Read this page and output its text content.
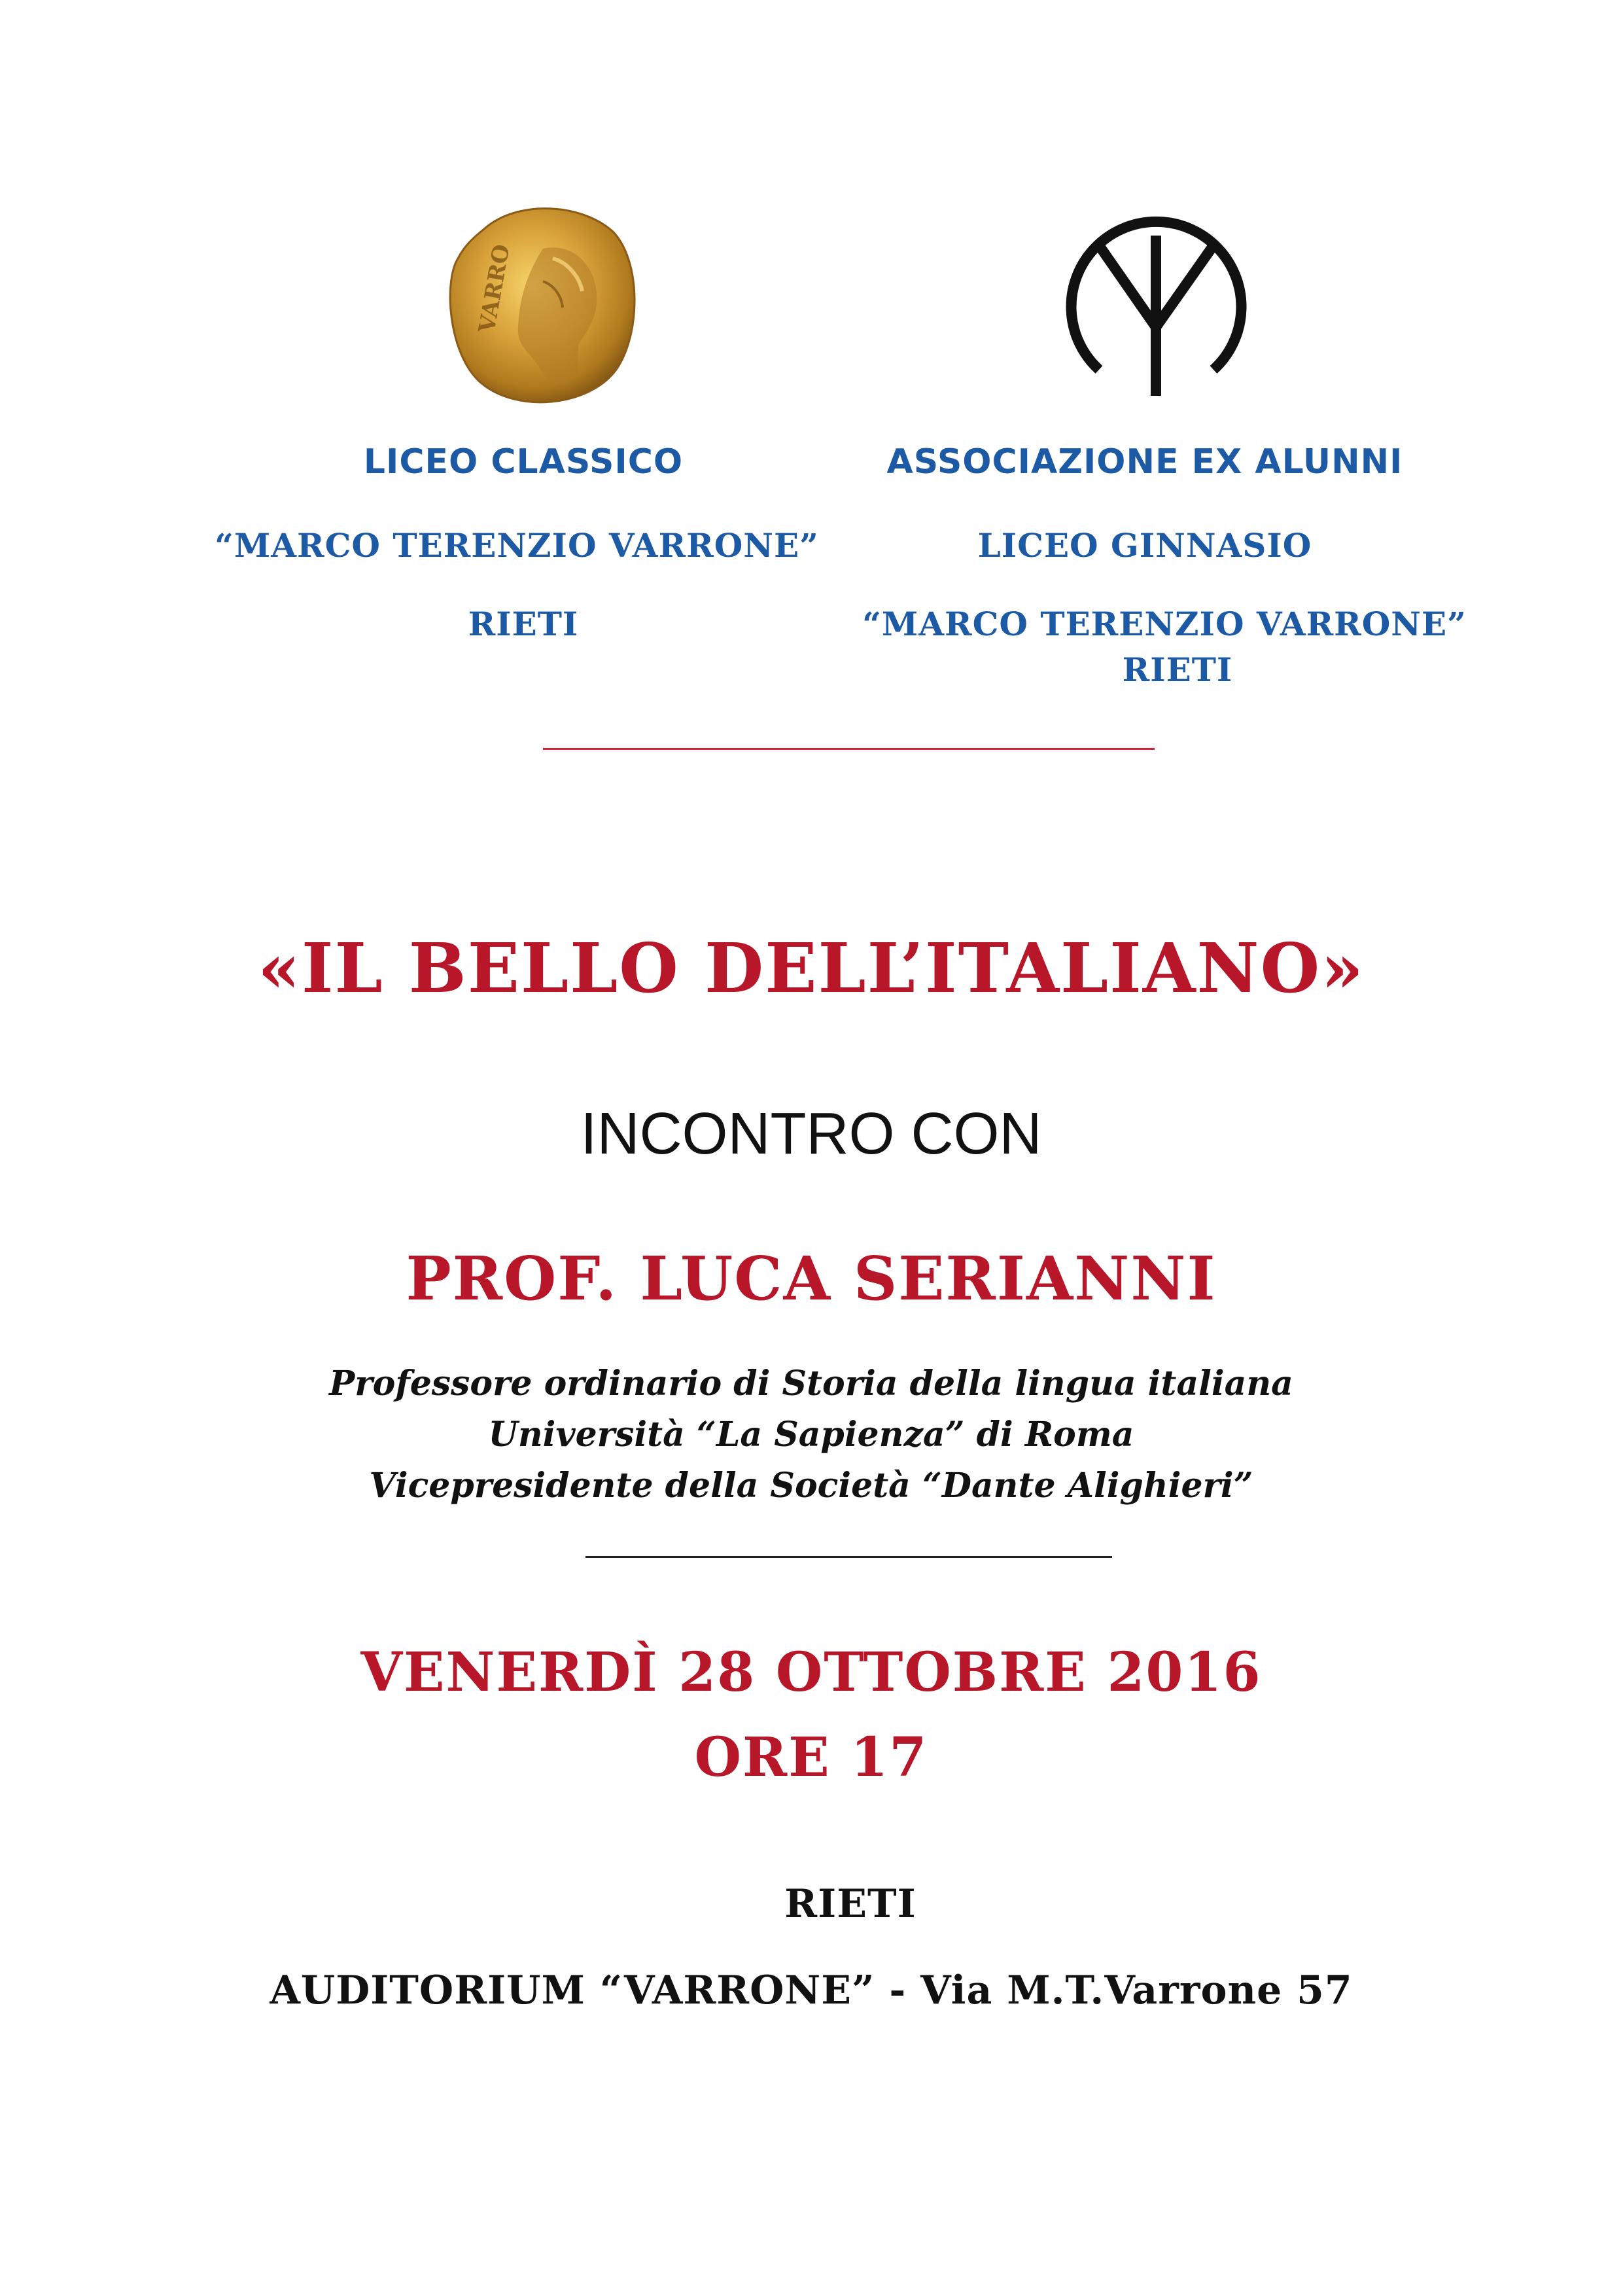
VARRO
LICEO CLASSICO
“MARCO TERENZIO VARRONE”
RIETI
ASSOCIAZIONE EX ALUNNI
LICEO GINNASIO
“MARCO TERENZIO VARRONE”
RIETI
«IL BELLO DELL’ITALIANO»
INCONTRO CON
PROF. LUCA SERIANNI
Professore ordinario di Storia della lingua italiana
Università “La Sapienza” di Roma
Vicepresidente della Società “Dante Alighieri”
VENERDÌ 28 OTTOBRE 2016
ORE 17
RIETI
AUDITORIUM “VARRONE” - Via M.T.Varrone 57
